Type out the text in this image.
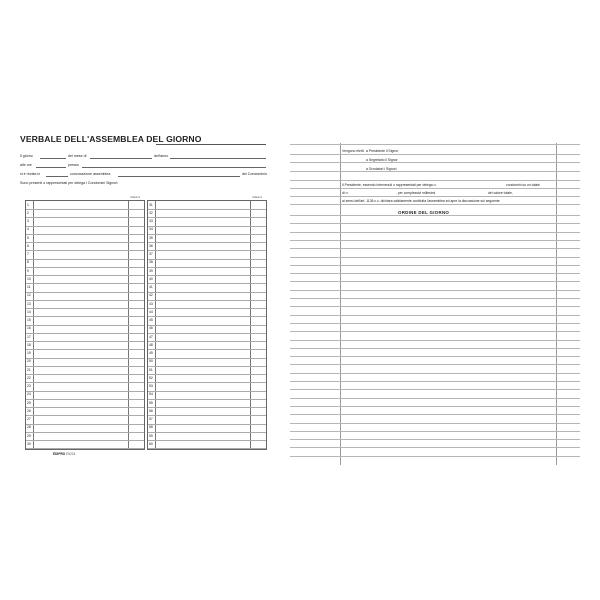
VERBALE DELL'ASSEMBLEA DEL GIORNO
Il giorno	del mese di	dell'anno
alle ore	presso
si è riunita in	convocazione assemblea	del Condominio
Sono presenti o rappresentati per delega i Condomini Signori:
millesimi
1
2
3
4
5
6
7
8
9
10
11
12
13
14
15
16
17
18
19
20
21
22
23
24
25
26
27
28
29
30
millesimi
31
32
33
34
35
36
37
38
39
40
41
42
43
44
45
46
47
48
49
50
51
52
53
54
55
56
57
58
59
60
EDIPRO E5224
Vengono eletti: a Presidente il Signor
a Segretario il Signor
a Scrutatori i Signori
Il Presidente, essendo intervenuti o rappresentati per delega n.	condomini su un totale
di n.	, per complessivi millesimi	del valore totale,
ai sensi dell'art. 1136 c.c. dichiara validamente costituita l'assemblea ed apre la discussione sul seguente
ORDINE DEL GIORNO
